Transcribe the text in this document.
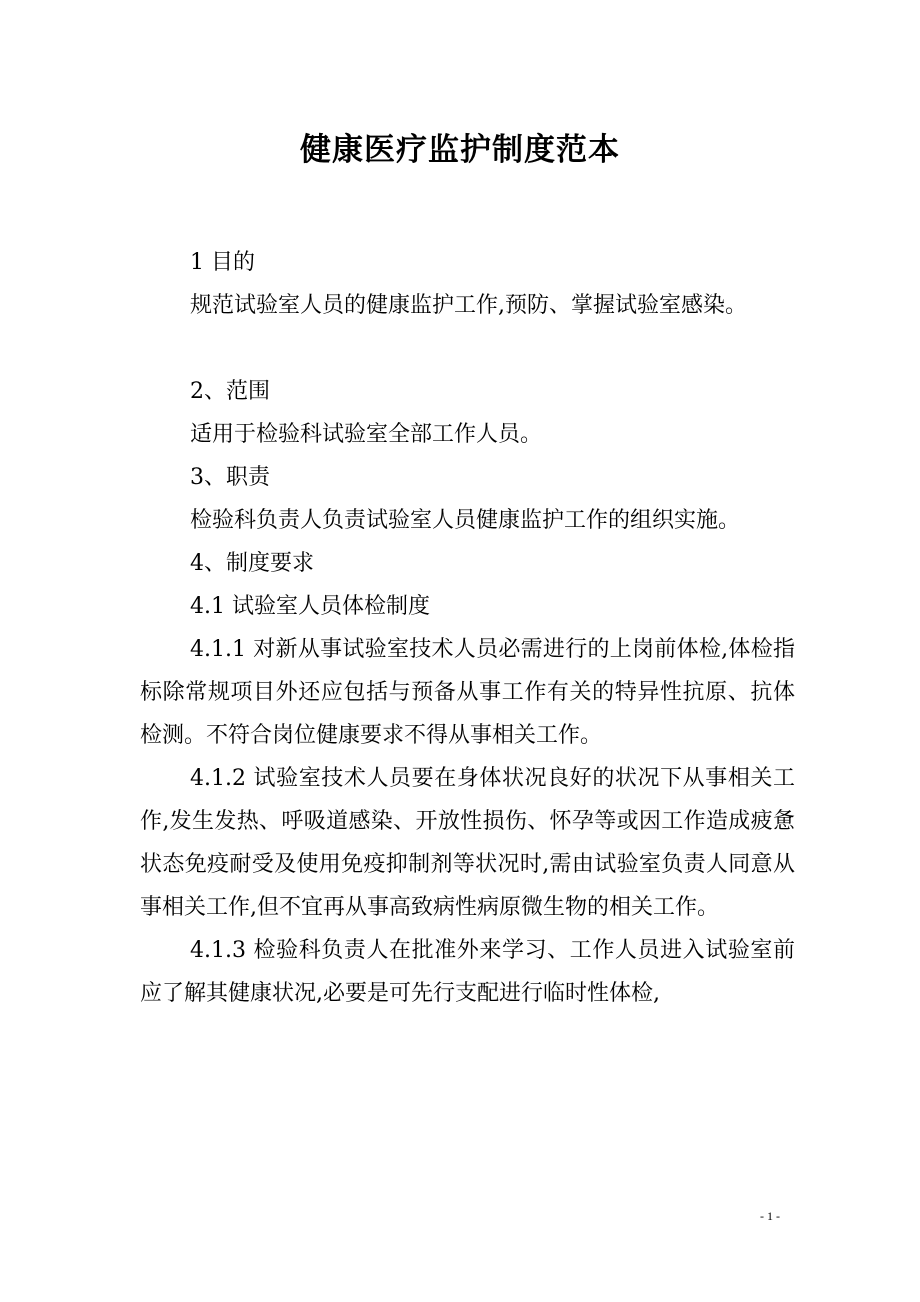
健康医疗监护制度范本

1 目的

规范试验室人员的健康监护工作,预防、掌握试验室感染。

2、范围

适用于检验科试验室全部工作人员。

3、职责

检验科负责人负责试验室人员健康监护工作的组织实施。

4、制度要求

4.1 试验室人员体检制度

4.1.1 对新从事试验室技术人员必需进行的上岗前体检,体检指标除常规项目外还应包括与预备从事工作有关的特异性抗原、抗体检测。不符合岗位健康要求不得从事相关工作。

4.1.2 试验室技术人员要在身体状况良好的状况下从事相关工作,发生发热、呼吸道感染、开放性损伤、怀孕等或因工作造成疲惫状态免疫耐受及使用免疫抑制剂等状况时,需由试验室负责人同意从事相关工作,但不宜再从事高致病性病原微生物的相关工作。

4.1.3 检验科负责人在批准外来学习、工作人员进入试验室前应了解其健康状况,必要是可先行支配进行临时性体检,

- 1 -
